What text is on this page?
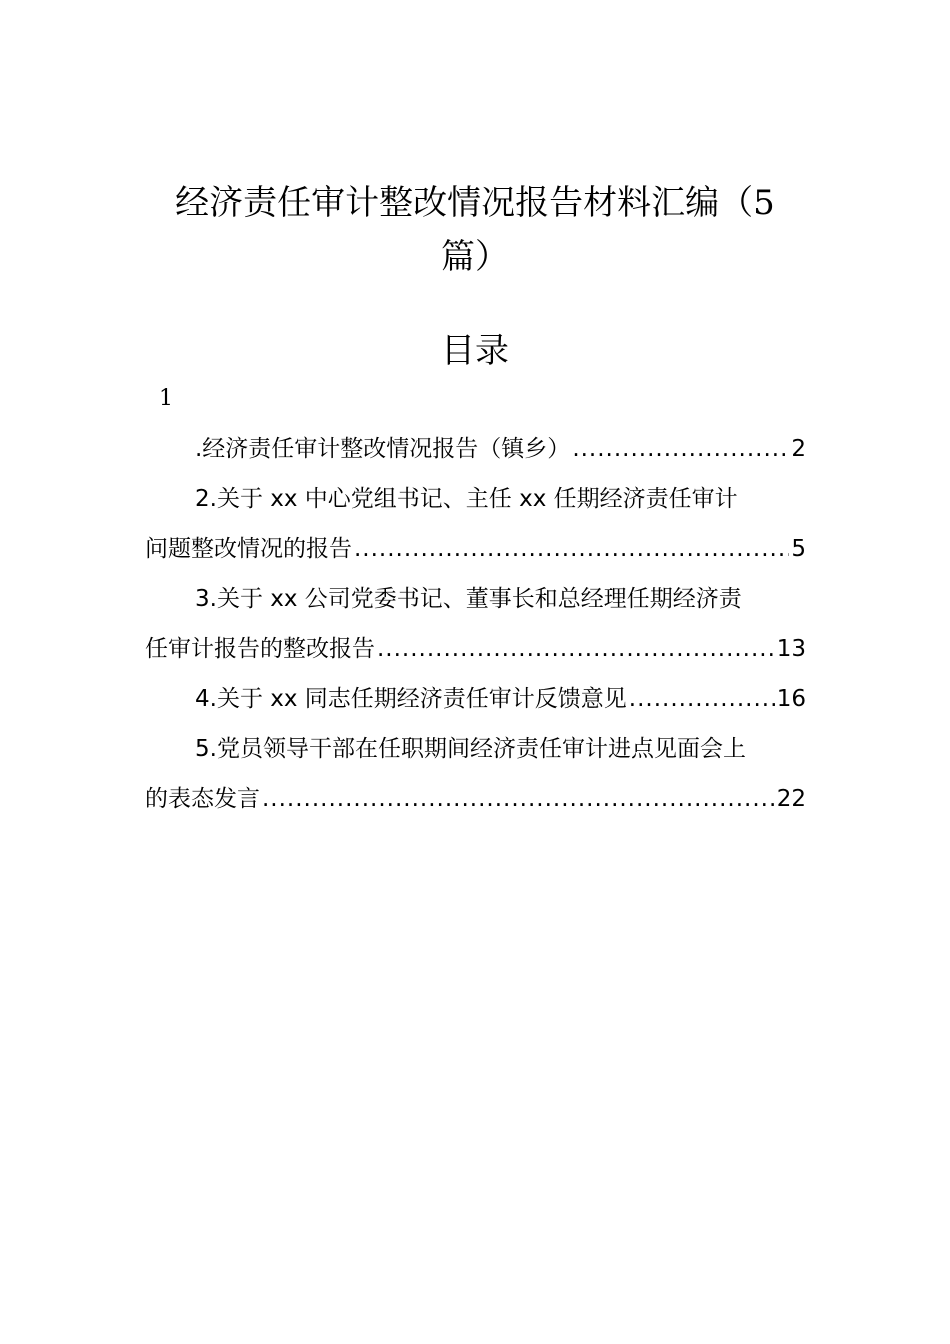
经济责任审计整改情况报告材料汇编（5
篇）
目录
1
.经济责任审计整改情况报告（镇乡） .....	2
2.关于 xx 中心党组书记、主任 xx 任期经济责任审计
问题整改情况的报告 .....	5
3.关于 xx 公司党委书记、董事长和总经理任期经济责
任审计报告的整改报告 .....	13
4.关于 xx 同志任期经济责任审计反馈意见 .....	16
5.党员领导干部在任职期间经济责任审计进点见面会上
的表态发言 .....	22
